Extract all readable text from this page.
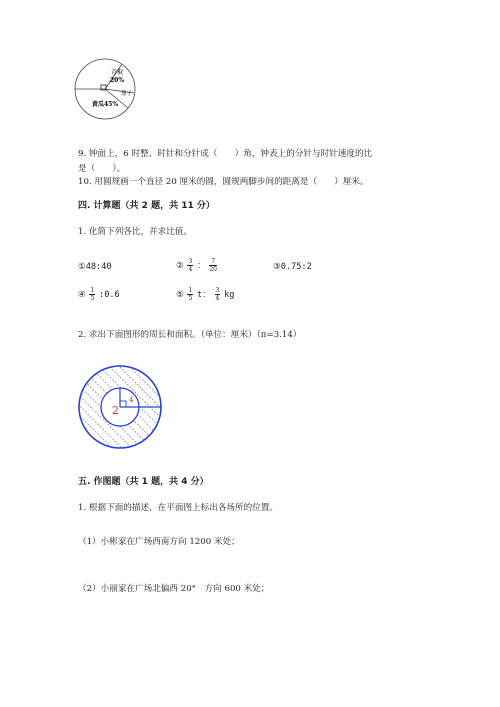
青椒
20%
茄子
黄瓜45%
9. 钟面上，6 时整，时针和分针成（　　）角，钟表上的分针与时针速度的比
是（　　）。
10. 用圆规画一个直径 20 厘米的圆，圆规两脚步间的距离是（　　）厘米。
四. 计算题（共 2 题，共 11 分）
1. 化简下列各比，并求比值。
①48:40	② $\frac{3}{4}$ ： $\frac{7}{20}$	③0.75:2
④ $\frac{1}{5}$ :0.6	⑤ $\frac{1}{5}$ t： $\frac{3}{4}$ kg
2. 求出下面图形的周长和面积。（单位：厘米）（π=3.14）
2
4
五. 作图题（共 1 题，共 4 分）
1. 根据下面的描述，在平面图上标出各场所的位置。
（1）小彬家在广场西南方向 1200 米处；
（2）小丽家在广场北偏西 20°　方向 600 米处；
